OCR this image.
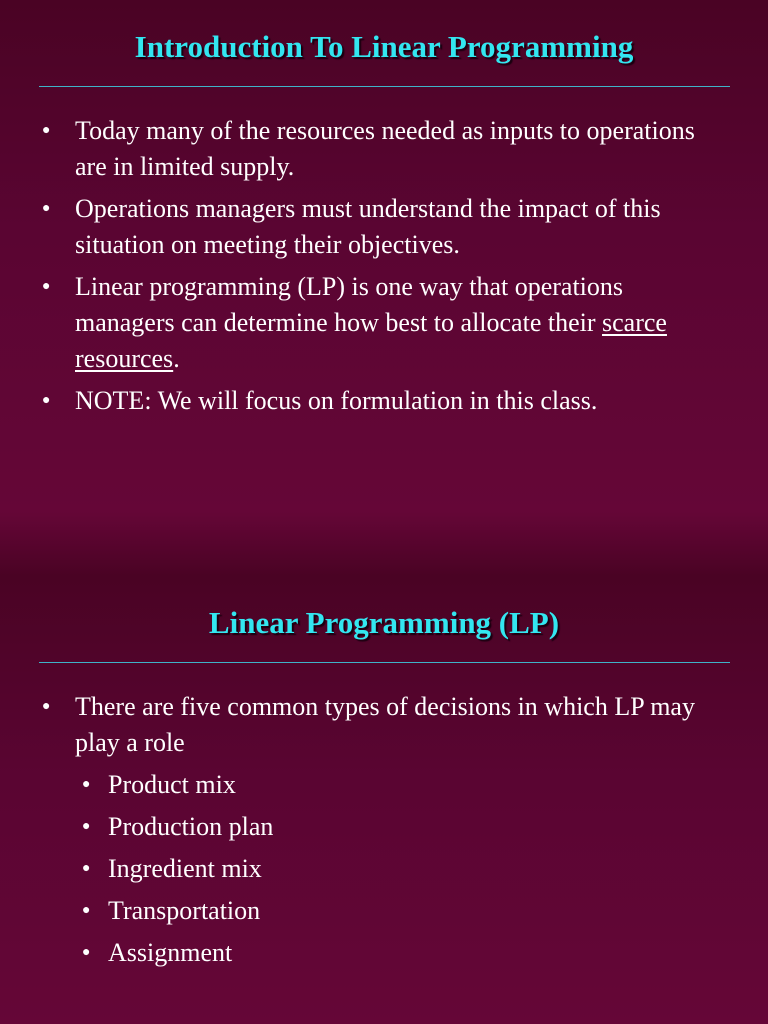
Introduction To Linear Programming
● Today many of the resources needed as inputs to operations are in limited supply.
● Operations managers must understand the impact of this situation on meeting their objectives.
● Linear programming (LP) is one way that operations managers can determine how best to allocate their scarce resources.
● NOTE: We will focus on formulation in this class.
Linear Programming (LP)
● There are five common types of decisions in which LP may play a role
● Product mix
● Production plan
● Ingredient mix
● Transportation
● Assignment
